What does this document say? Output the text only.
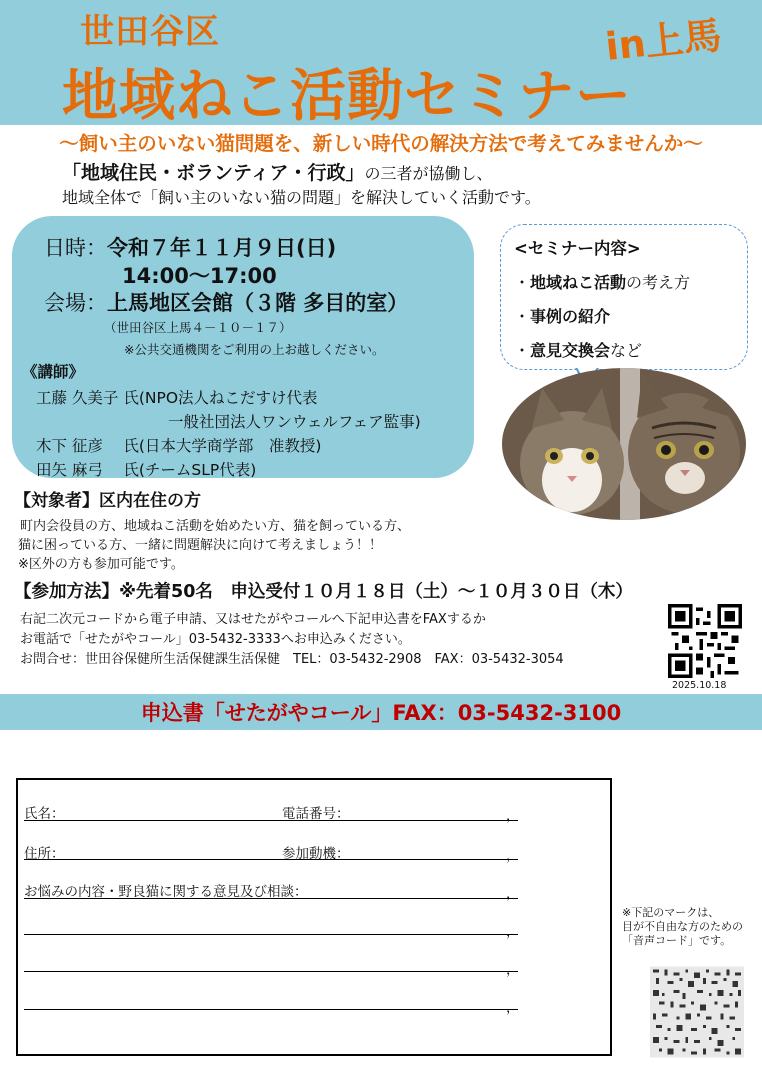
世田谷区	in上馬
地域ねこ活動セミナー
〜飼い主のいない猫問題を、新しい時代の解決方法で考えてみませんか〜
「地域住民・ボランティア・行政」の三者が協働し、
地域全体で「飼い主のいない猫の問題」を解決していく活動です。
日時：令和７年１１月９日(日)
14:00〜17:00
会場：上馬地区会館（３階 多目的室）
（世田谷区上馬４－１０－１７）
※公共交通機関をご利用の上お越しください。
《講師》
工藤 久美子 氏(NPO法人ねこだすけ代表
一般社団法人ワンウェルフェア監事)
木下 征彦　 氏(日本大学商学部　准教授)
田矢 麻弓　 氏(チームSLP代表)
<セミナー内容>
・地域ねこ活動の考え方
・事例の紹介
・意見交換会など
【対象者】区内在住の方
町内会役員の方、地域ねこ活動を始めたい方、猫を飼っている方、
猫に困っている方、一緒に問題解決に向けて考えましょう！！
※区外の方も参加可能です。
【参加方法】※先着50名　申込受付１０月１８日（土）～１０月３０日（木）
右記二次元コードから電子申請、又はせたがやコールへ下記申込書をFAXするか
お電話で「せたがやコール」03-5432-3333へお申込みください。
お問合せ：世田谷保健所生活保健課生活保健　TEL：03-5432-2908　FAX：03-5432-3054
2025.10.18
申込書「せたがやコール」FAX：03-5432-3100
氏名：	電話番号：	，
住所：	参加動機：	，
お悩みの内容・野良猫に関する意見及び相談：	，
，
，
，
※下記のマークは、
目が不自由な方のための
「音声コード」です。
